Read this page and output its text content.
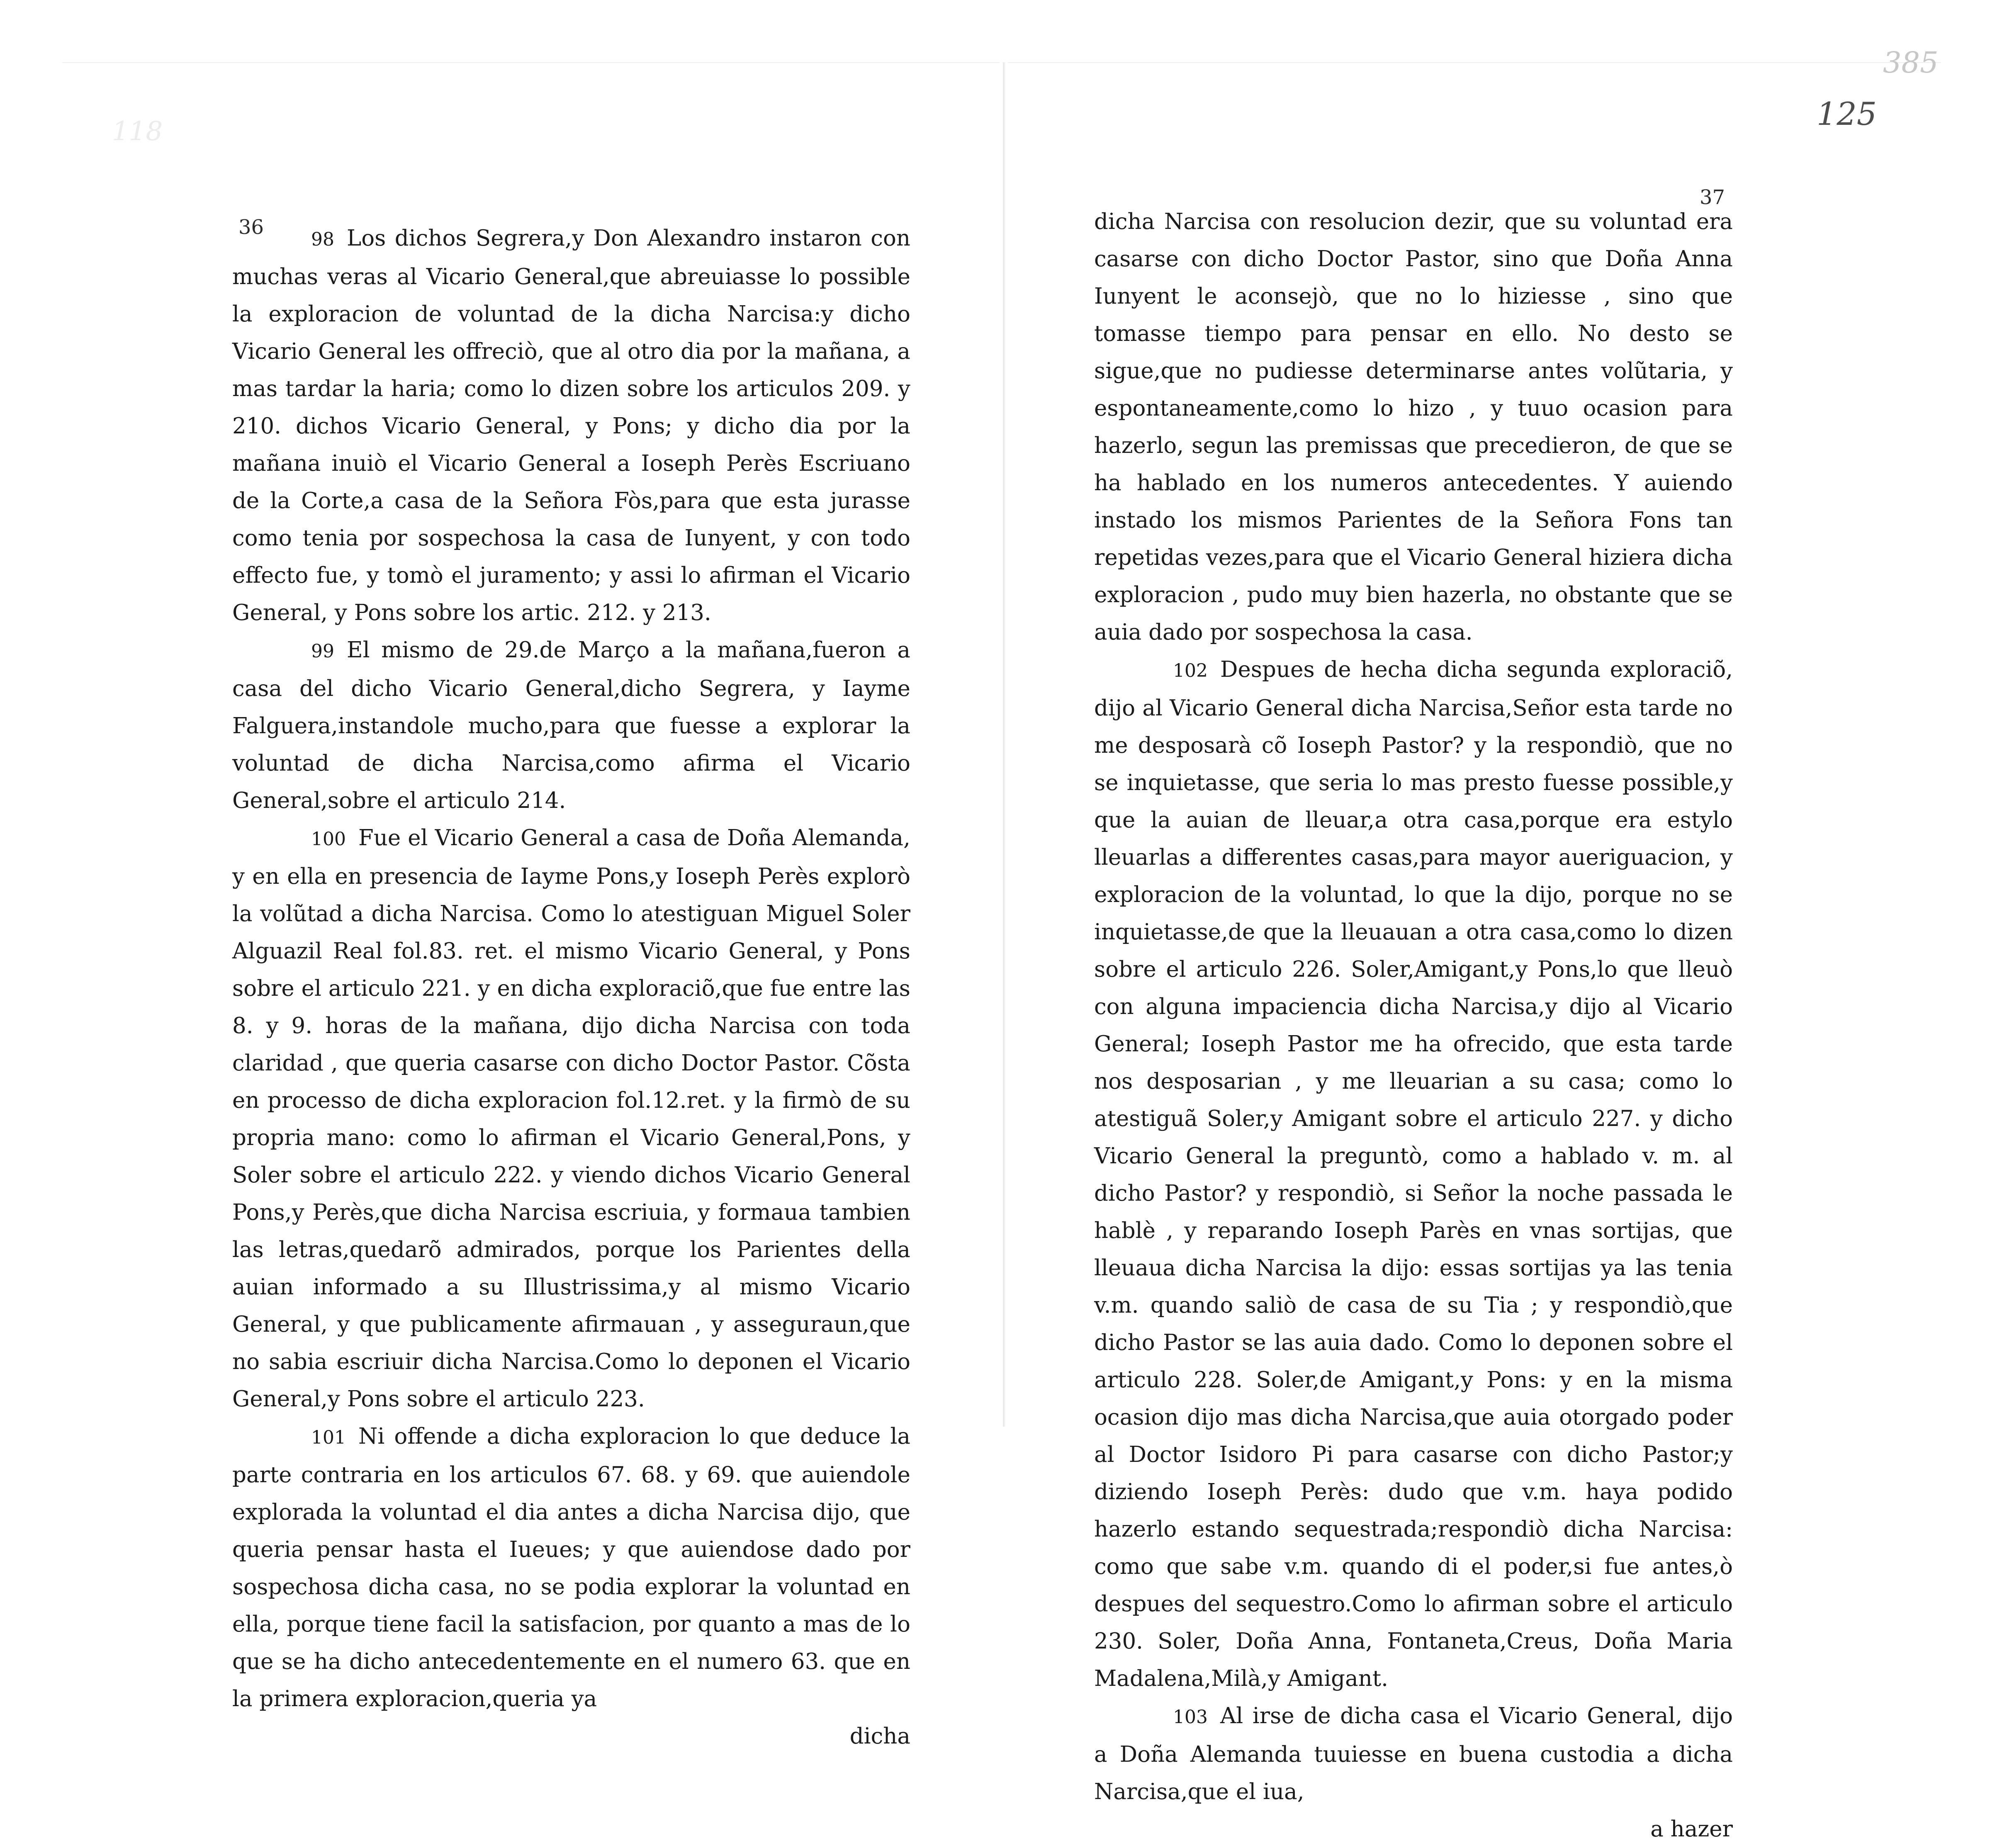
118
385
125
36

98 Los dichos Segrera,y Don Alexandro instaron con muchas veras al Vicario General,que abreuiasse lo possible la exploracion de voluntad de la dicha Narcisa:y dicho Vicario General les offreciò, que al otro dia por la mañana, a mas tardar la haria; como lo dizen sobre los articulos 209. y 210. dichos Vicario General, y Pons; y dicho dia por la mañana inuiò el Vicario General a Ioseph Perès Escriuano de la Corte,a casa de la Señora Fòs,para que esta jurasse como tenia por sospechosa la casa de Iunyent, y con todo effecto fue, y tomò el juramento; y assi lo afirman el Vicario General, y Pons sobre los artic. 212. y 213.

99 El mismo de 29.de Março a la mañana,fueron a casa del dicho Vicario General,dicho Segrera, y Iayme Falguera,instandole mucho,para que fuesse a explorar la voluntad de dicha Narcisa,como afirma el Vicario General,sobre el articulo 214.

100 Fue el Vicario General a casa de Doña Alemanda, y en ella en presencia de Iayme Pons,y Ioseph Perès explorò la volũtad a dicha Narcisa. Como lo atestiguan Miguel Soler Alguazil Real fol.83. ret. el mismo Vicario General, y Pons sobre el articulo 221. y en dicha exploraciõ,que fue entre las 8. y 9. horas de la mañana, dijo dicha Narcisa con toda claridad , que queria casarse con dicho Doctor Pastor. Cõsta en processo de dicha exploracion fol.12.ret. y la firmò de su propria mano: como lo afirman el Vicario General,Pons, y Soler sobre el articulo 222. y viendo dichos Vicario General Pons,y Perès,que dicha Narcisa escriuia, y formaua tambien las letras,quedarõ admirados, porque los Parientes della auian informado a su Illustrissima,y al mismo Vicario General, y que publicamente afirmauan , y asseguraun,que no sabia escriuir dicha Narcisa.Como lo deponen el Vicario General,y Pons sobre el articulo 223.

101 Ni offende a dicha exploracion lo que deduce la parte contraria en los articulos 67. 68. y 69. que auiendole explorada la voluntad el dia antes a dicha Narcisa dijo, que queria pensar hasta el Iueues; y que auiendose dado por sospechosa dicha casa, no se podia explorar la voluntad en ella, porque tiene facil la satisfacion, por quanto a mas de lo que se ha dicho antecedentemente en el numero 63. que en la primera exploracion,queria ya

dicha

37

dicha Narcisa con resolucion dezir, que su voluntad era casarse con dicho Doctor Pastor, sino que Doña Anna Iunyent le aconsejò, que no lo hiziesse , sino que tomasse tiempo para pensar en ello. No desto se sigue,que no pudiesse determinarse antes volũtaria, y espontaneamente,como lo hizo , y tuuo ocasion para hazerlo, segun las premissas que precedieron, de que se ha hablado en los numeros antecedentes. Y auiendo instado los mismos Parientes de la Señora Fons tan repetidas vezes,para que el Vicario General hiziera dicha exploracion , pudo muy bien hazerla, no obstante que se auia dado por sospechosa la casa.

102 Despues de hecha dicha segunda exploraciõ, dijo al Vicario General dicha Narcisa,Señor esta tarde no me desposarà cõ Ioseph Pastor? y la respondiò, que no se inquietasse, que seria lo mas presto fuesse possible,y que la auian de lleuar,a otra casa,porque era estylo lleuarlas a differentes casas,para mayor aueriguacion, y exploracion de la voluntad, lo que la dijo, porque no se inquietasse,de que la lleuauan a otra casa,como lo dizen sobre el articulo 226. Soler,Amigant,y Pons,lo que lleuò con alguna impaciencia dicha Narcisa,y dijo al Vicario General; Ioseph Pastor me ha ofrecido, que esta tarde nos desposarian , y me lleuarian a su casa; como lo atestiguã Soler,y Amigant sobre el articulo 227. y dicho Vicario General la preguntò, como a hablado v. m. al dicho Pastor? y respondiò, si Señor la noche passada le hablè , y reparando Ioseph Parès en vnas sortijas, que lleuaua dicha Narcisa la dijo: essas sortijas ya las tenia v.m. quando saliò de casa de su Tia ; y respondiò,que dicho Pastor se las auia dado. Como lo deponen sobre el articulo 228. Soler,de Amigant,y Pons: y en la misma ocasion dijo mas dicha Narcisa,que auia otorgado poder al Doctor Isidoro Pi para casarse con dicho Pastor;y diziendo Ioseph Perès: dudo que v.m. haya podido hazerlo estando sequestrada;respondiò dicha Narcisa: como que sabe v.m. quando di el poder,si fue antes,ò despues del sequestro.Como lo afirman sobre el articulo 230. Soler, Doña Anna, Fontaneta,Creus, Doña Maria Madalena,Milà,y Amigant.

103 Al irse de dicha casa el Vicario General, dijo a Doña Alemanda tuuiesse en buena custodia a dicha Narcisa,que el iua,

a hazer
